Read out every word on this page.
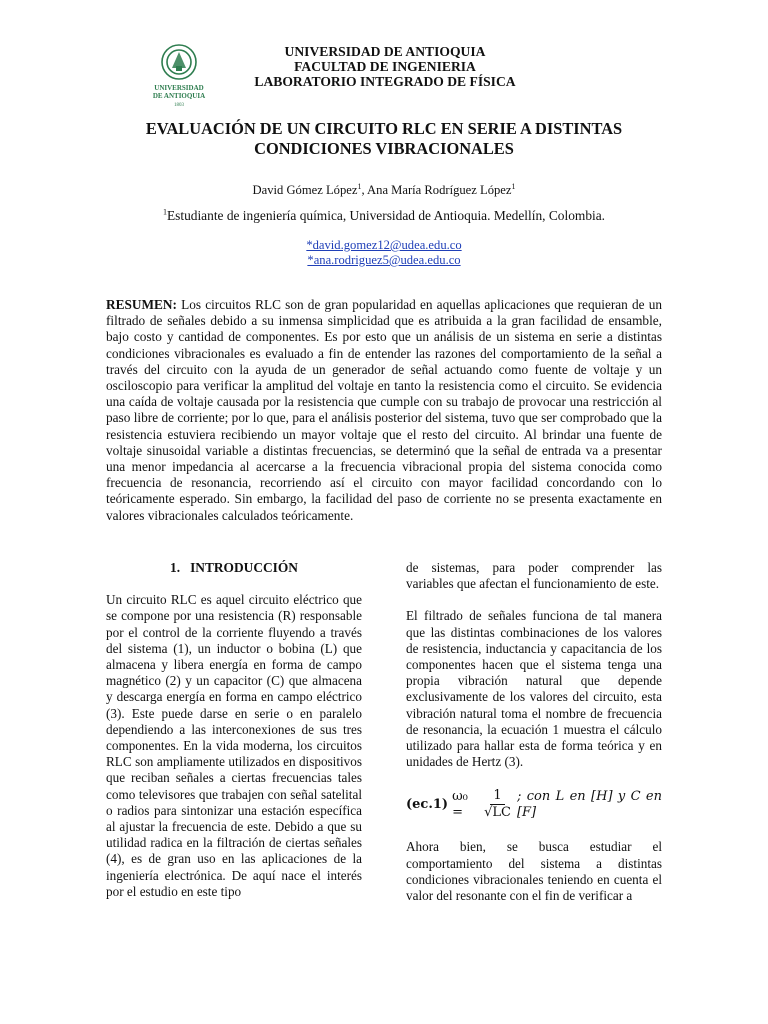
UNIVERSIDAD
DE ANTIOQUIA
1803
UNIVERSIDAD DE ANTIOQUIA
FACULTAD DE INGENIERIA
LABORATORIO INTEGRADO DE FÍSICA
EVALUACIÓN DE UN CIRCUITO RLC EN SERIE A DISTINTAS
CONDICIONES VIBRACIONALES
David Gómez López$^1$, Ana María Rodríguez López$^1$
$^1$Estudiante de ingeniería química, Universidad de Antioquia. Medellín, Colombia.
*david.gomez12@udea.edu.co
*ana.rodriguez5@udea.edu.co
RESUMEN: Los circuitos RLC son de gran popularidad en aquellas aplicaciones que requieran de un filtrado de señales debido a su inmensa simplicidad que es atribuida a la gran facilidad de ensamble, bajo costo y cantidad de componentes. Es por esto que un análisis de un sistema en serie a distintas condiciones vibracionales es evaluado a fin de entender las razones del comportamiento de la señal a través del circuito con la ayuda de un generador de señal actuando como fuente de voltaje y un osciloscopio para verificar la amplitud del voltaje en tanto la resistencia como el circuito. Se evidencia una caída de voltaje causada por la resistencia que cumple con su trabajo de provocar una restricción al paso libre de corriente; por lo que, para el análisis posterior del sistema, tuvo que ser comprobado que la resistencia estuviera recibiendo un mayor voltaje que el resto del circuito. Al brindar una fuente de voltaje sinusoidal variable a distintas frecuencias, se determinó que la señal de entrada va a presentar una menor impedancia al acercarse a la frecuencia vibracional propia del sistema conocida como frecuencia de resonancia, recorriendo así el circuito con mayor facilidad concordando con lo teóricamente esperado. Sin embargo, la facilidad del paso de corriente no se presenta exactamente en valores vibracionales calculados teóricamente.
1. INTRODUCCIÓN

Un circuito RLC es aquel circuito eléctrico que se compone por una resistencia (R) responsable por el control de la corriente fluyendo a través del sistema (1), un inductor o bobina (L) que almacena y libera energía en forma de campo magnético (2) y un capacitor (C) que almacena y descarga energía en forma en campo eléctrico (3). Este puede darse en serie o en paralelo dependiendo a las interconexiones de sus tres componentes. En la vida moderna, los circuitos RLC son ampliamente utilizados en dispositivos que reciban señales a ciertas frecuencias tales como televisores que trabajen con señal satelital o radios para sintonizar una estación específica al ajustar la frecuencia de este. Debido a que su utilidad radica en la filtración de ciertas señales (4), es de gran uso en las aplicaciones de la ingeniería electrónica. De aquí nace el interés por el estudio en este tipo

de sistemas, para poder comprender las variables que afectan el funcionamiento de este.

El filtrado de señales funciona de tal manera que las distintas combinaciones de los valores de resistencia, inductancia y capacitancia de los componentes hacen que el sistema tenga una propia vibración natural que depende exclusivamente de los valores del circuito, esta vibración natural toma el nombre de frecuencia de resonancia, la ecuación 1 muestra el cálculo utilizado para hallar esta de forma teórica y en unidades de Hertz (3).

(ec.1)
ω₀ =	$\frac{1}{√LC}$ ; con L en [H] y C en [F]

Ahora bien, se busca estudiar el comportamiento del sistema a distintas condiciones vibracionales teniendo en cuenta el valor del resonante con el fin de verificar a
